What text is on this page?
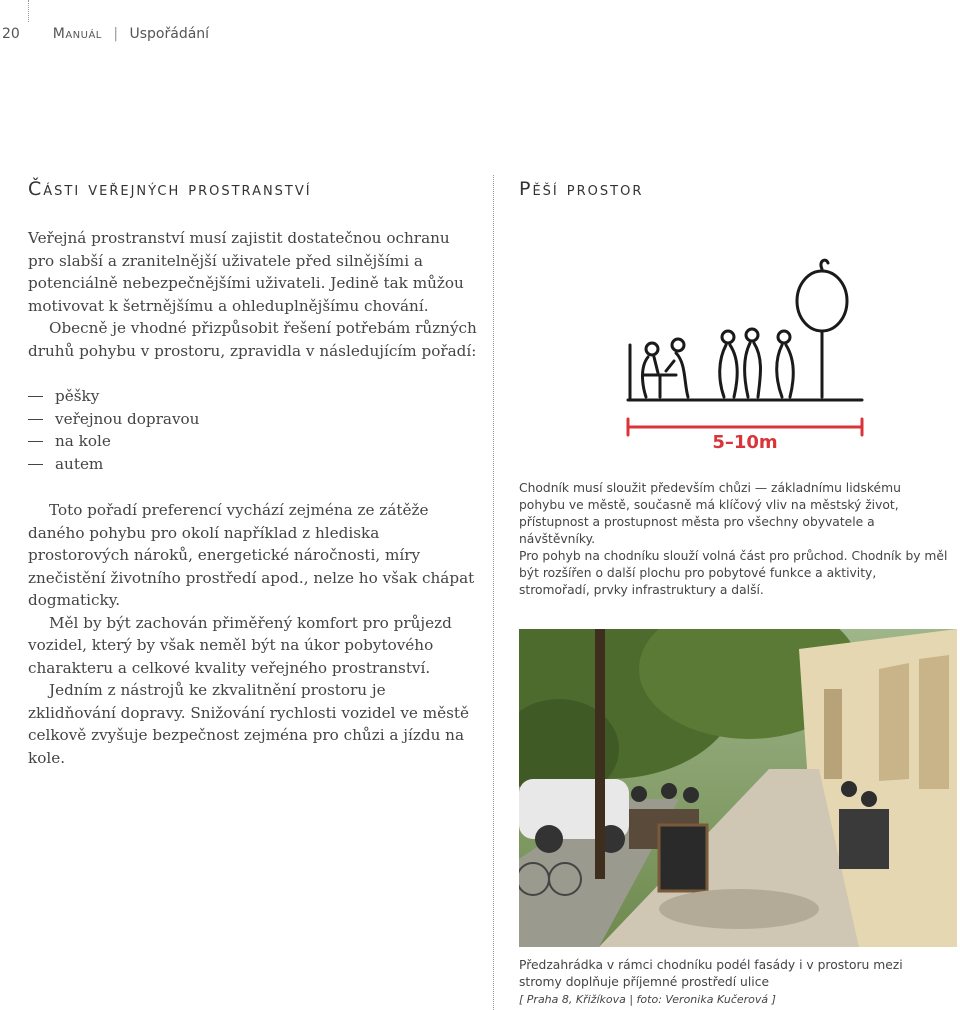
20 Manuál | Uspořádání
Části veřejných prostranství

Veřejná prostranství musí zajistit dostatečnou ochranu pro slabší a zranitelnější uživatele před silnějšími a potenciálně nebezpečnějšími uživateli. Jedině tak můžou motivovat k šetrnějšímu a ohleduplnějšímu chování.

Obecně je vhodné přizpůsobit řešení potřebám různých druhů pohybu v prostoru, zpravidla v následujícím pořadí:

pěšky
veřejnou dopravou
na kole
autem

Toto pořadí preferencí vychází zejména ze zátěže daného pohybu pro okolí například z hlediska prostorových nároků, energetické náročnosti, míry znečistění životního prostředí apod., nelze ho však chápat dogmaticky.

Měl by být zachován přiměřený komfort pro průjezd vozidel, který by však neměl být na úkor pobytového charakteru a celkové kvality veřejného prostranství.

Jedním z nástrojů ke zkvalitnění prostoru je zklidňování dopravy. Snižování rychlosti vozidel ve městě celkově zvyšuje bezpečnost zejména pro chůzi a jízdu na kole.

Pěší prostor
5–10m

Chodník musí sloužit především chůzi — základnímu lidskému pohybu ve městě, současně má klíčový vliv na městský život, přístupnost a prostupnost města pro všechny obyvatele a návštěvníky.

Pro pohyb na chodníku slouží volná část pro průchod. Chodník by měl být rozšířen o další plochu pro pobytové funkce a aktivity, stromořadí, prvky infrastruktury a další.

Předzahrádka v rámci chodníku podél fasády i v prostoru mezi stromy doplňuje příjemné prostředí ulice

[ Praha 8, Křižíkova | foto: Veronika Kučerová ]
